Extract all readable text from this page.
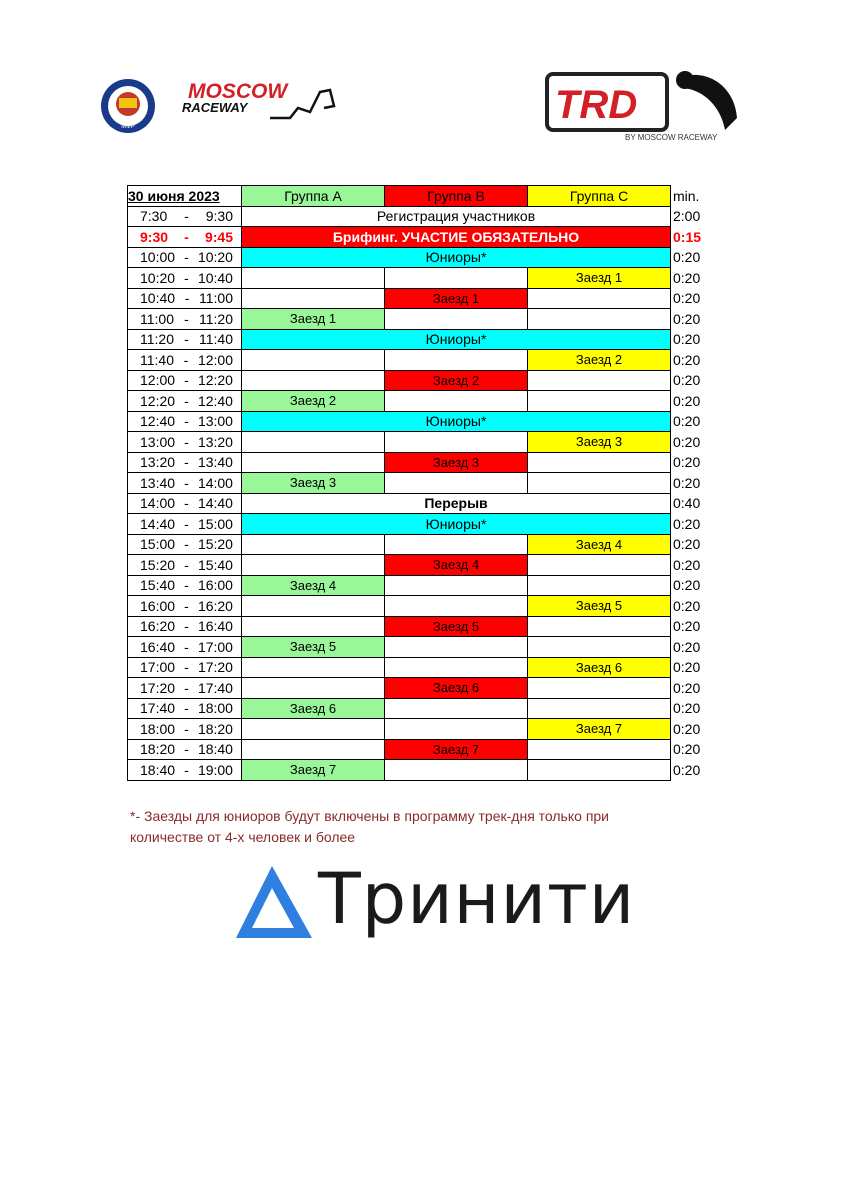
МФР
MOSCOW
RACEWAY	TRD
BY MOSCOW RACEWAY
30 июня 2023	Группа А	Группа В	Группа С	min.

7:30 - 9:30	Регистрация участников			2:00

9:30 - 9:45	Брифинг. УЧАСТИЕ ОБЯЗАТЕЛЬНО			0:15

10:00 - 10:20	Юниоры*			0:20

10:20 - 10:40			Заезд 1	0:20

10:40 - 11:00		Заезд 1		0:20

11:00 - 11:20	Заезд 1			0:20

11:20 - 11:40	Юниоры*			0:20

11:40 - 12:00			Заезд 2	0:20

12:00 - 12:20		Заезд 2		0:20

12:20 - 12:40	Заезд 2			0:20

12:40 - 13:00	Юниоры*			0:20

13:00 - 13:20			Заезд 3	0:20

13:20 - 13:40		Заезд 3		0:20

13:40 - 14:00	Заезд 3			0:20

14:00 - 14:40	Перерыв			0:40

14:40 - 15:00	Юниоры*			0:20

15:00 - 15:20			Заезд 4	0:20

15:20 - 15:40		Заезд 4		0:20

15:40 - 16:00	Заезд 4			0:20

16:00 - 16:20			Заезд 5	0:20

16:20 - 16:40		Заезд 5		0:20

16:40 - 17:00	Заезд 5			0:20

17:00 - 17:20			Заезд 6	0:20

17:20 - 17:40		Заезд 6		0:20

17:40 - 18:00	Заезд 6			0:20

18:00 - 18:20			Заезд 7	0:20

18:20 - 18:40		Заезд 7		0:20

18:40 - 19:00	Заезд 7			0:20
*- Заезды для юниоров будут включены в программу трек-дня только при
количестве от 4-х человек и более
Тринити
